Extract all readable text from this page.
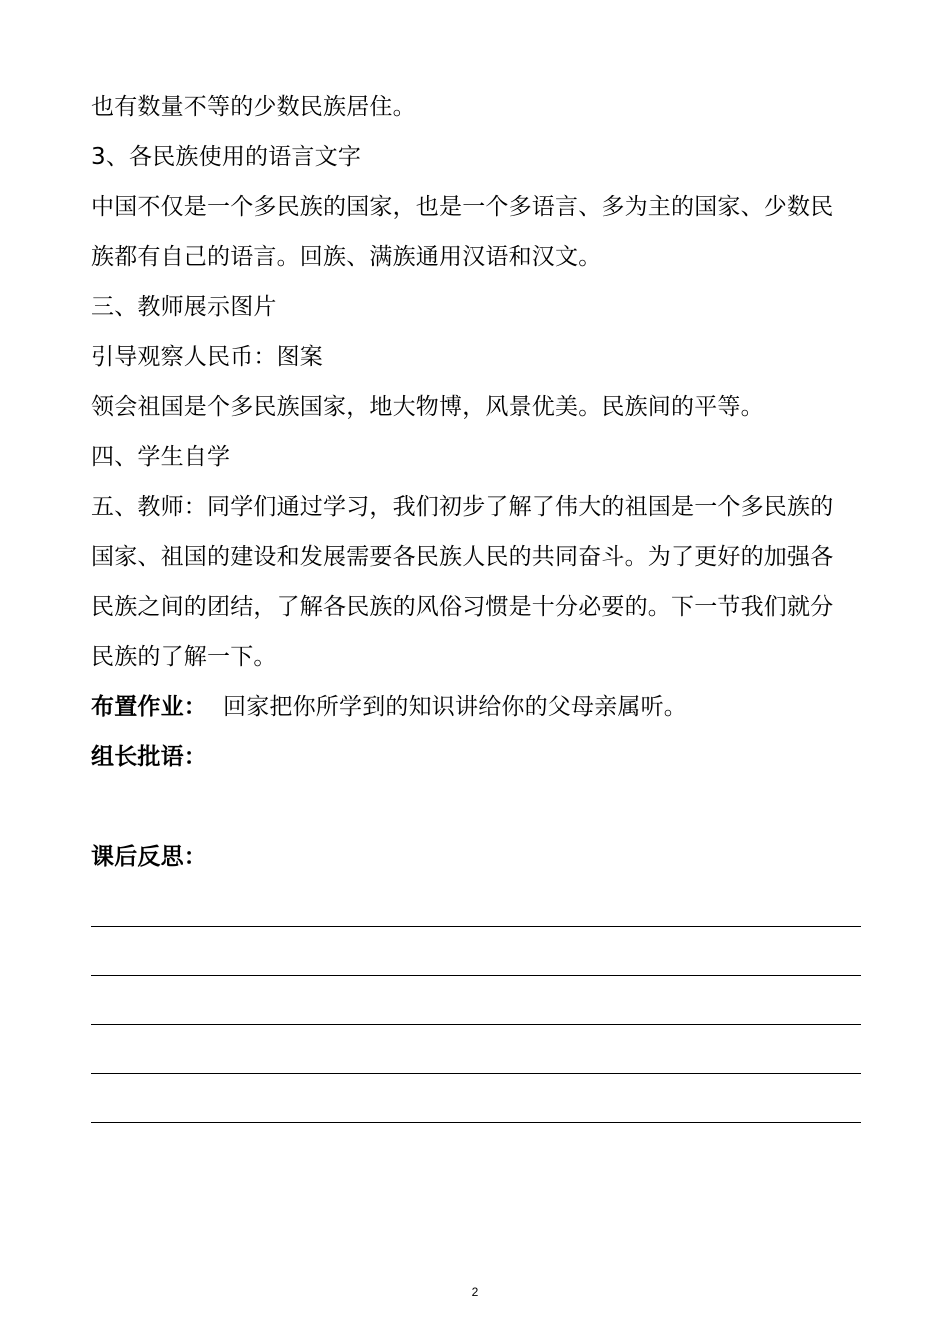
也有数量不等的少数民族居住。
3、各民族使用的语言文字
中国不仅是一个多民族的国家，也是一个多语言、多为主的国家、少数民
族都有自己的语言。回族、满族通用汉语和汉文。
三、教师展示图片
引导观察人民币：图案
领会祖国是个多民族国家，地大物博，风景优美。民族间的平等。
四、学生自学
五、教师：同学们通过学习，我们初步了解了伟大的祖国是一个多民族的
国家、祖国的建设和发展需要各民族人民的共同奋斗。为了更好的加强各
民族之间的团结，了解各民族的风俗习惯是十分必要的。下一节我们就分
民族的了解一下。
布置作业： 回家把你所学到的知识讲给你的父母亲属听。
组长批语：
课后反思：
2
